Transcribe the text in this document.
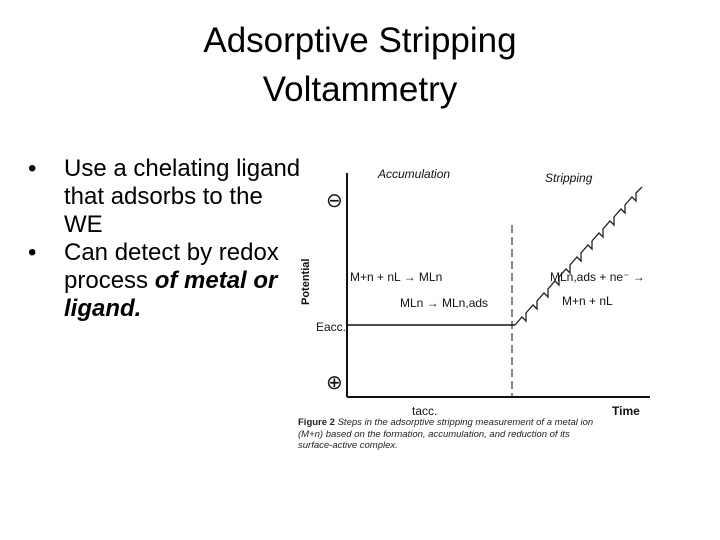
Adsorptive Stripping
Voltammetry
• Use a chelating ligand that adsorbs to the WE
• Can detect by redox process of metal or ligand.
Accumulation	Stripping
Potential
⊖
⊕
Eacc.
M+n + nL → MLn
MLn → MLn,ads
MLn,ads + ne⁻ →
M+n + nL
tacc.	Time
Figure 2 Steps in the adsorptive stripping measurement of a metal ion (M+n) based on the formation, accumulation, and reduction of its surface-active complex.
